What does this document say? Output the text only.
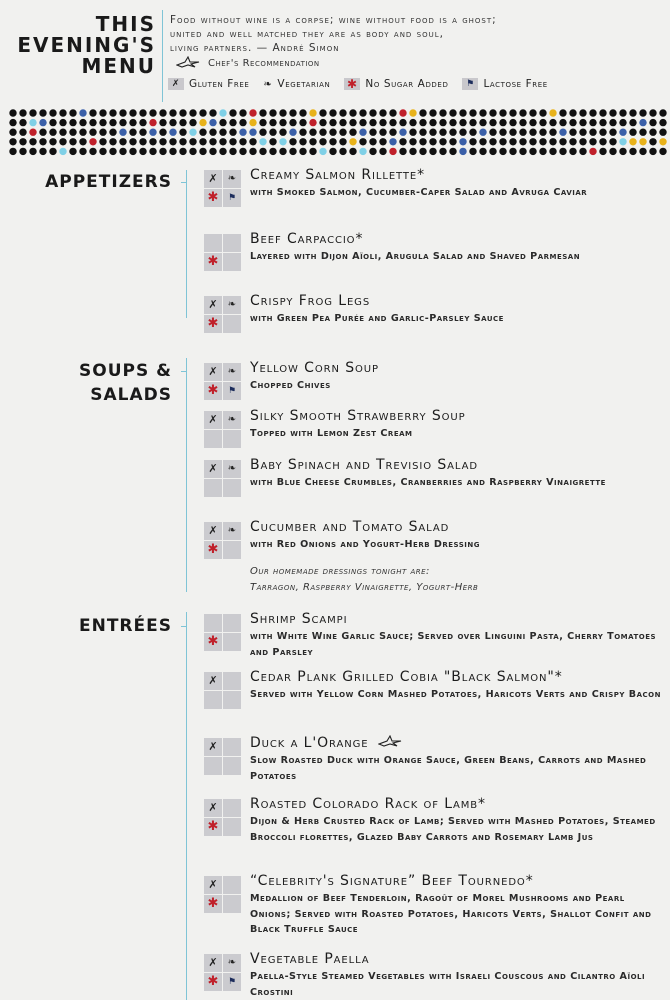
THIS
EVENING'S
MENU
Food without wine is a corpse; wine without food is a ghost;
united and well matched they are as body and soul,
living partners. — André Simon
Chef's Recommendation
✗ Gluten Free ❧ Vegetarian ✱ No Sugar Added	⚑ Lactose Free
APPETIZERS	✗	❧
✱	⚑
Creamy Salmon Rillette*
with Smoked Salmon, Cucumber-Caper Salad and Avruga Caviar
✱
Beef Carpaccio*
Layered with Dijon Aïoli, Arugula Salad and Shaved Parmesan
✗	❧
✱
Crispy Frog Legs
with Green Pea Purée and Garlic-Parsley Sauce
SOUPS &
SALADS
✗	❧
✱	⚑
Yellow Corn Soup
Chopped Chives
✗	❧ Silky Smooth Strawberry Soup
Topped with Lemon Zest Cream
✗	❧ Baby Spinach and Trevisio Salad
with Blue Cheese Crumbles, Cranberries and Raspberry Vinaigrette
✗	❧
✱
Cucumber and Tomato Salad
with Red Onions and Yogurt-Herb Dressing
Our homemade dressings tonight are:
Tarragon, Raspberry Vinaigrette, Yogurt-Herb
ENTRÉES
✱
Shrimp Scampi
with White Wine Garlic Sauce; Served over Linguini Pasta, Cherry Tomatoes and Parsley
✗	Cedar Plank Grilled Cobia "Black Salmon"*
Served with Yellow Corn Mashed Potatoes, Haricots Verts and Crispy Bacon
✗	Duck a L'Orange
Slow Roasted Duck with Orange Sauce, Green Beans, Carrots and Mashed Potatoes
✗
✱
Roasted Colorado Rack of Lamb*
Dijon & Herb Crusted Rack of Lamb; Served with Mashed Potatoes, Steamed Broccoli florettes, Glazed Baby Carrots and Rosemary Lamb Jus
✗
✱
“Celebrity's Signature” Beef Tournedo*
Medallion of Beef Tenderloin, Ragoût of Morel Mushrooms and Pearl Onions; Served with Roasted Potatoes, Haricots Verts, Shallot Confit and Black Truffle Sauce
✗	❧
✱	⚑
Vegetable Paella
Paella-Style Steamed Vegetables with Israeli Couscous and Cilantro Aïoli Crostini
